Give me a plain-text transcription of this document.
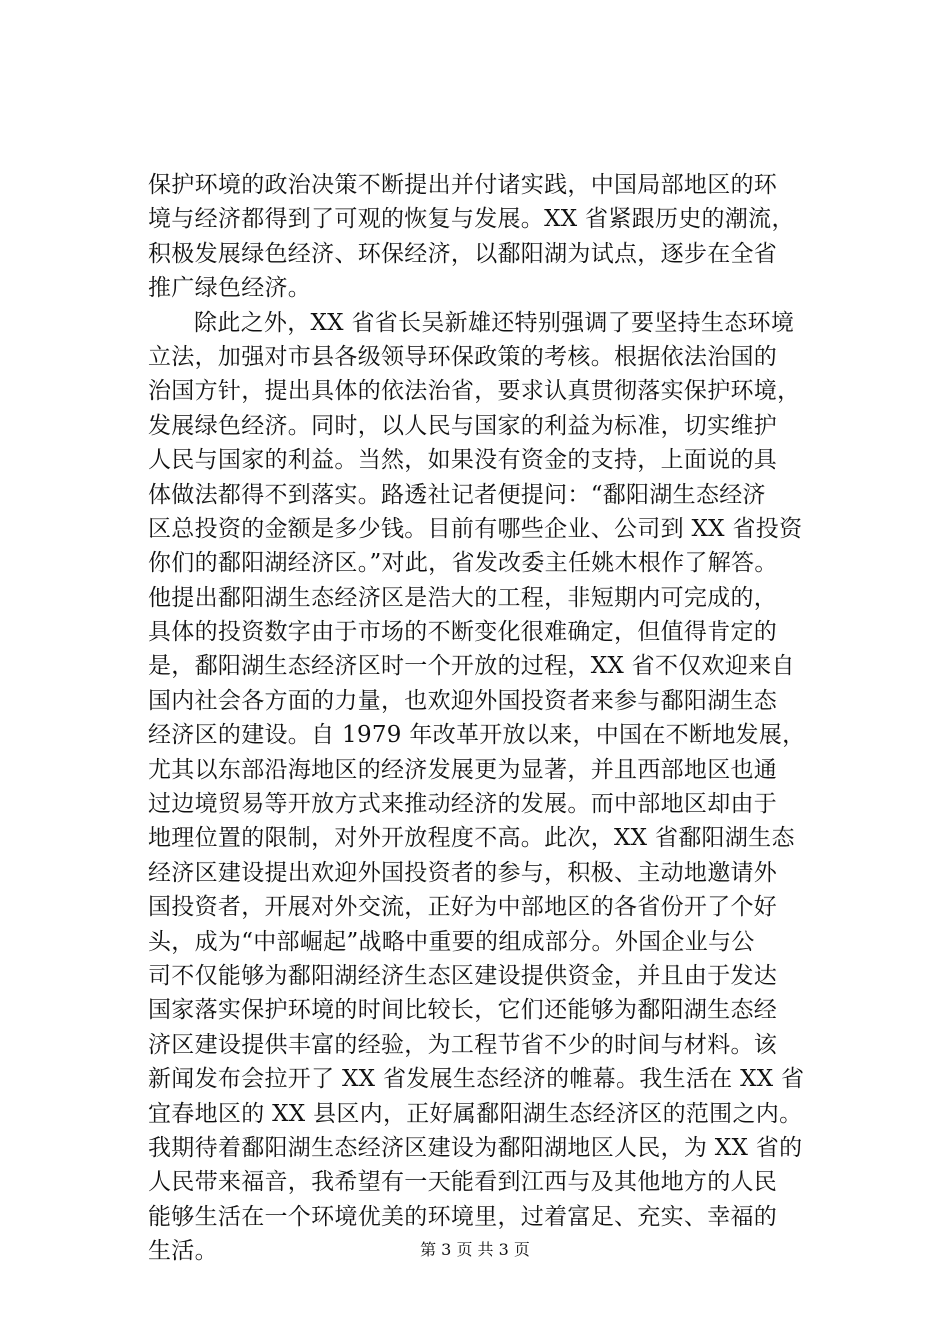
保护环境的政治决策不断提出并付诸实践，中国局部地区的环
境与经济都得到了可观的恢复与发展。XX 省紧跟历史的潮流，
积极发展绿色经济、环保经济，以鄱阳湖为试点，逐步在全省
推广绿色经济。
除此之外，XX 省省长吴新雄还特别强调了要坚持生态环境
立法，加强对市县各级领导环保政策的考核。根据依法治国的
治国方针，提出具体的依法治省，要求认真贯彻落实保护环境，
发展绿色经济。同时，以人民与国家的利益为标准，切实维护
人民与国家的利益。当然，如果没有资金的支持，上面说的具
体做法都得不到落实。路透社记者便提问：“鄱阳湖生态经济
区总投资的金额是多少钱。目前有哪些企业、公司到 XX 省投资
你们的鄱阳湖经济区。”对此，省发改委主任姚木根作了解答。
他提出鄱阳湖生态经济区是浩大的工程，非短期内可完成的，
具体的投资数字由于市场的不断变化很难确定，但值得肯定的
是，鄱阳湖生态经济区时一个开放的过程，XX 省不仅欢迎来自
国内社会各方面的力量，也欢迎外国投资者来参与鄱阳湖生态
经济区的建设。自 1979 年改革开放以来，中国在不断地发展，
尤其以东部沿海地区的经济发展更为显著，并且西部地区也通
过边境贸易等开放方式来推动经济的发展。而中部地区却由于
地理位置的限制，对外开放程度不高。此次，XX 省鄱阳湖生态
经济区建设提出欢迎外国投资者的参与，积极、主动地邀请外
国投资者，开展对外交流，正好为中部地区的各省份开了个好
头，成为“中部崛起”战略中重要的组成部分。外国企业与公
司不仅能够为鄱阳湖经济生态区建设提供资金，并且由于发达
国家落实保护环境的时间比较长，它们还能够为鄱阳湖生态经
济区建设提供丰富的经验，为工程节省不少的时间与材料。该
新闻发布会拉开了 XX 省发展生态经济的帷幕。我生活在 XX 省
宜春地区的 XX 县区内，正好属鄱阳湖生态经济区的范围之内。
我期待着鄱阳湖生态经济区建设为鄱阳湖地区人民，为 XX 省的
人民带来福音，我希望有一天能看到江西与及其他地方的人民
能够生活在一个环境优美的环境里，过着富足、充实、幸福的
生活。	第 3 页 共 3 页
